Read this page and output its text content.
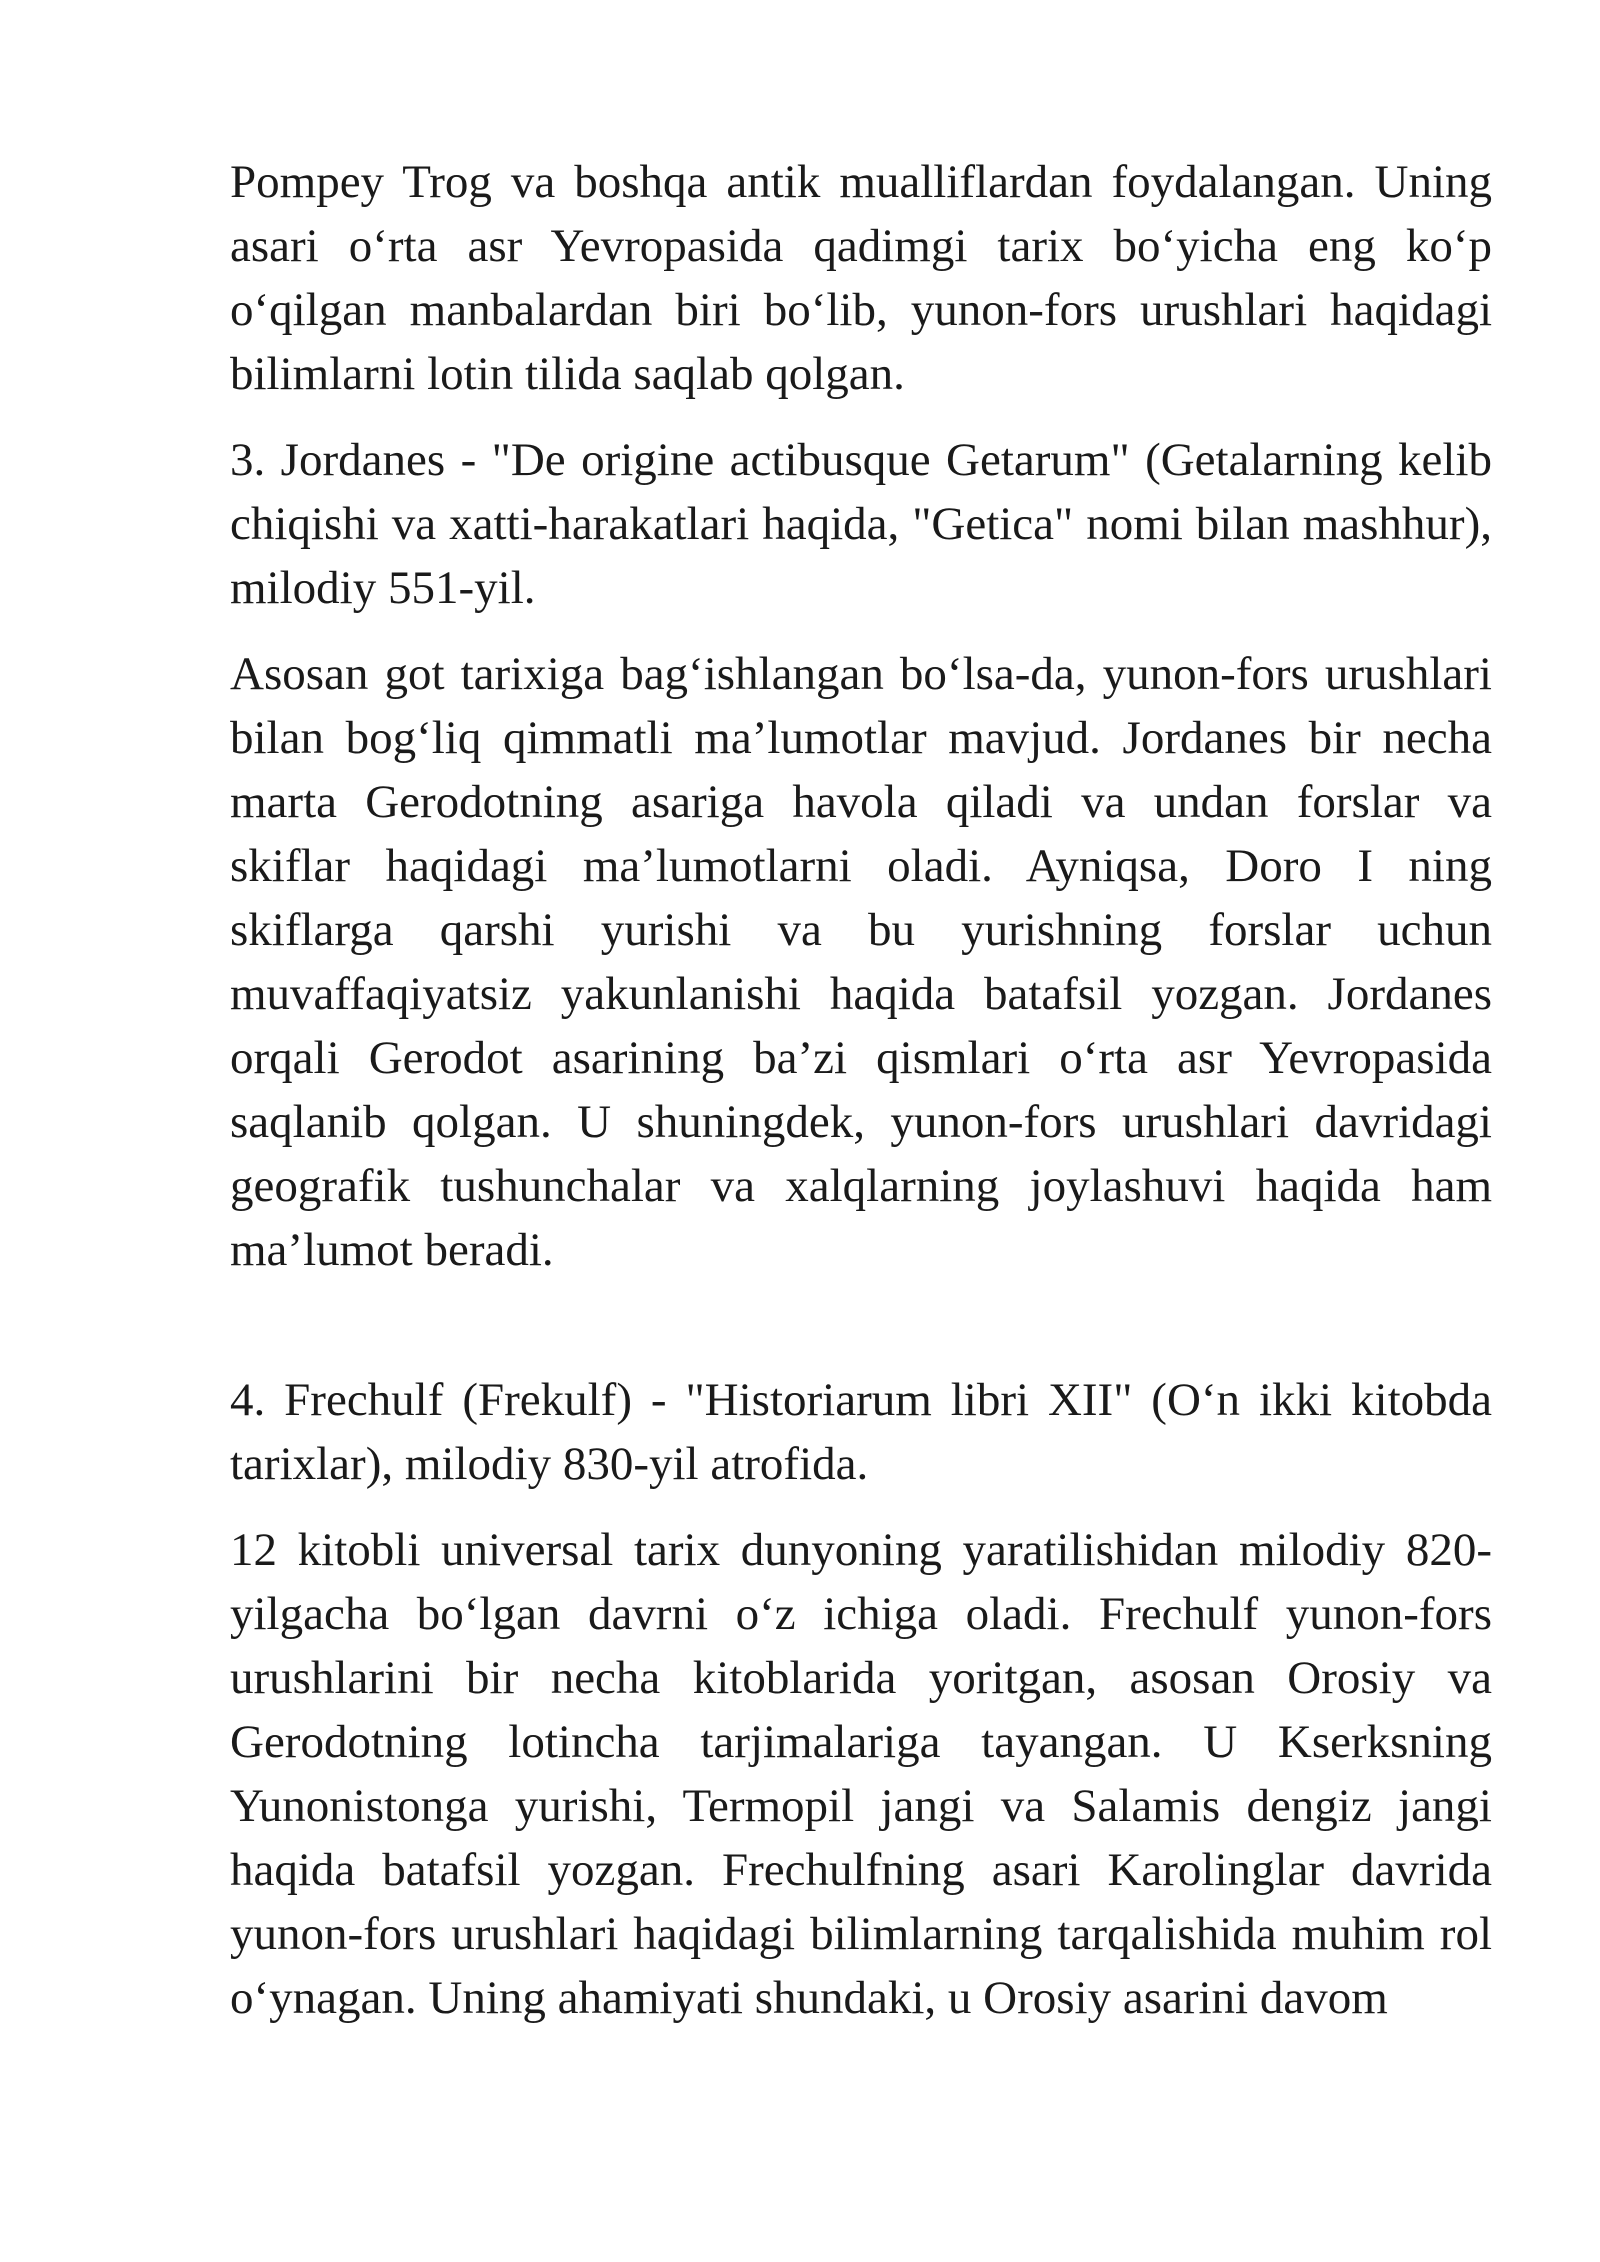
Pompey Trog va boshqa antik mualliflardan foydalangan. Uning asari o‘rta asr Yevropasida qadimgi tarix bo‘yicha eng ko‘p o‘qilgan manbalardan biri bo‘lib, yunon-fors urushlari haqidagi bilimlarni lotin tilida saqlab qolgan.

3. Jordanes - "De origine actibusque Getarum" (Getalarning kelib chiqishi va xatti-harakatlari haqida, "Getica" nomi bilan mashhur), milodiy 551-yil.

Asosan got tarixiga bag‘ishlangan bo‘lsa-da, yunon-fors urushlari bilan bog‘liq qimmatli ma’lumotlar mavjud. Jordanes bir necha marta Gerodotning asariga havola qiladi va undan forslar va skiflar haqidagi ma’lumotlarni oladi. Ayniqsa, Doro I ning skiflarga qarshi yurishi va bu yurishning forslar uchun muvaffaqiyatsiz yakunlanishi haqida batafsil yozgan. Jordanes orqali Gerodot asarining ba’zi qismlari o‘rta asr Yevropasida saqlanib qolgan. U shuningdek, yunon-fors urushlari davridagi geografik tushunchalar va xalqlarning joylashuvi haqida ham ma’lumot beradi.

4. Frechulf (Frekulf) - "Historiarum libri XII" (O‘n ikki kitobda tarixlar), milodiy 830-yil atrofida.

12 kitobli universal tarix dunyoning yaratilishidan milodiy 820-yilgacha bo‘lgan davrni o‘z ichiga oladi. Frechulf yunon-fors urushlarini bir necha kitoblarida yoritgan, asosan Orosiy va Gerodotning lotincha tarjimalariga tayangan. U Kserksning Yunonistonga yurishi, Termopil jangi va Salamis dengiz jangi haqida batafsil yozgan. Frechulfning asari Karolinglar davrida yunon-fors urushlari haqidagi bilimlarning tarqalishida muhim rol o‘ynagan. Uning ahamiyati shundaki, u Orosiy asarini davom
